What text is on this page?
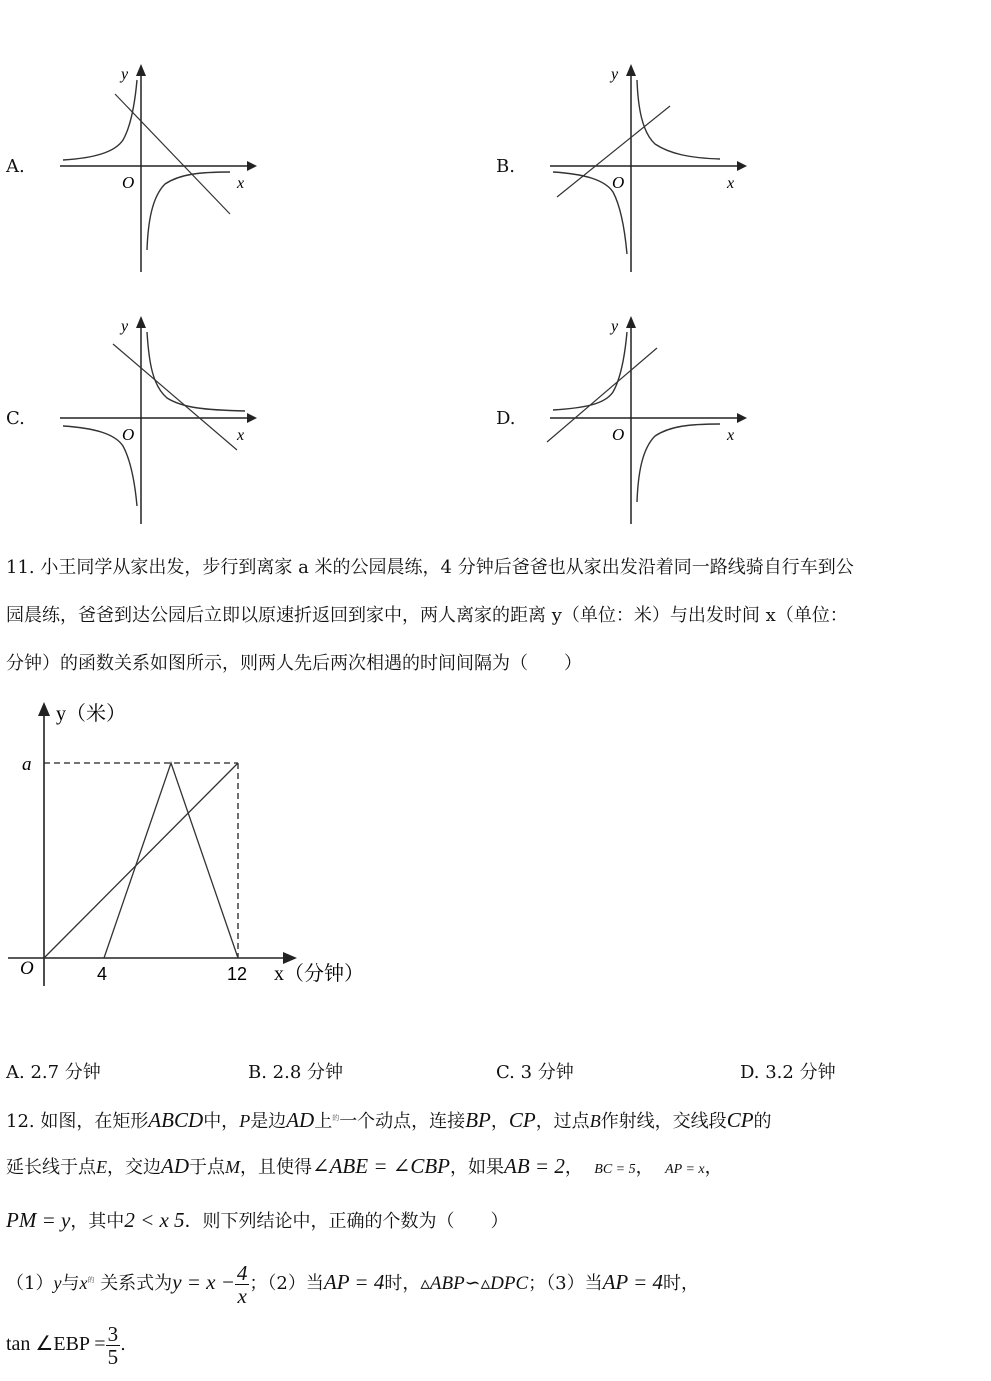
A.	B.
C.	D.
y
x
O
y
x
O
y
x
O
y
x
O
11. 小王同学从家出发，步行到离家 a 米的公园晨练，4 分钟后爸爸也从家出发沿着同一路线骑自行车到公
园晨练，爸爸到达公园后立即以原速折返回到家中，两人离家的距离 y（单位：米）与出发时间 x（单位：
分钟）的函数关系如图所示，则两人先后两次相遇的时间间隔为（　　）
y（米）
a
O	4	12 x（分钟）
A. 2.7 分钟	B. 2.8 分钟	C. 3 分钟	D. 3.2 分钟
12. 如图，在矩形ABCD中，P是边AD上$^的$一个动点，连接BP，CP，过点B作射线，交线段CP的
延长线于点E，交边AD于点M，且使得∠ABE = ∠CBP，如果AB = 2， BC = 5， AP = x，
PM = y，其中2 < x 5．则下列结论中，正确的个数为（　　）
（1）y与$x^的$ 关系式为$y = x - \frac{4}{x}$ ；（2）当AP = 4时，▵ABP∽▵DPC；（3）当AP = 4时，
tan ∠EBP = $\frac{3}{5}$ .
